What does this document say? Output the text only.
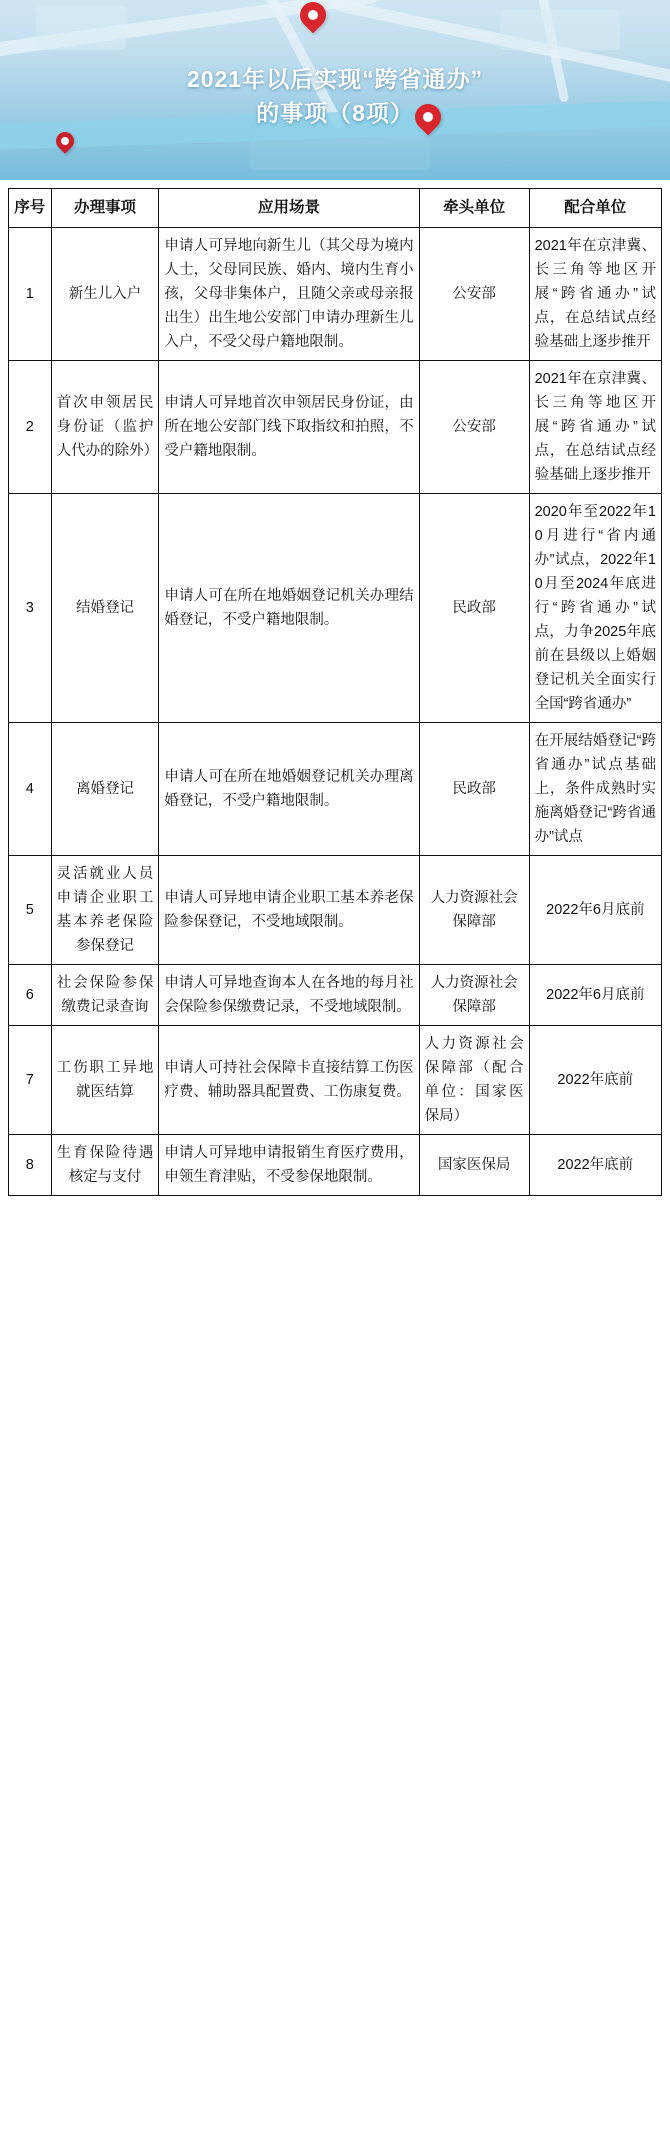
2021年以后实现“跨省通办”
的事项（8项）
序号	办理事项	应用场景	牵头单位	配合单位
1	新生儿入户	申请人可异地向新生儿（其父母为境内人士，父母同民族、婚内、境内生育小孩，父母非集体户，且随父亲或母亲报出生）出生地公安部门申请办理新生儿入户，不受父母户籍地限制。	公安部	2021年在京津冀、长三角等地区开展“跨省通办”试点，在总结试点经验基础上逐步推开
2	首次申领居民身份证（监护人代办的除外）	申请人可异地首次申领居民身份证，由所在地公安部门线下取指纹和拍照，不受户籍地限制。	公安部	2021年在京津冀、长三角等地区开展“跨省通办”试点，在总结试点经验基础上逐步推开
3	结婚登记	申请人可在所在地婚姻登记机关办理结婚登记，不受户籍地限制。	民政部	2020年至2022年10月进行“省内通办”试点，2022年10月至2024年底进行“跨省通办”试点，力争2025年底前在县级以上婚姻登记机关全面实行全国“跨省通办”
4	离婚登记	申请人可在所在地婚姻登记机关办理离婚登记，不受户籍地限制。	民政部	在开展结婚登记“跨省通办”试点基础上，条件成熟时实施离婚登记“跨省通办”试点
5	灵活就业人员申请企业职工基本养老保险参保登记	申请人可异地申请企业职工基本养老保险参保登记，不受地域限制。	人力资源社会保障部	2022年6月底前
6	社会保险参保缴费记录查询	申请人可异地查询本人在各地的每月社会保险参保缴费记录，不受地域限制。	人力资源社会保障部	2022年6月底前
7	工伤职工异地就医结算	申请人可持社会保障卡直接结算工伤医疗费、辅助器具配置费、工伤康复费。	人力资源社会保障部（配合单位：国家医保局）	2022年底前
8	生育保险待遇核定与支付	申请人可异地申请报销生育医疗费用，申领生育津贴，不受参保地限制。	国家医保局	2022年底前
